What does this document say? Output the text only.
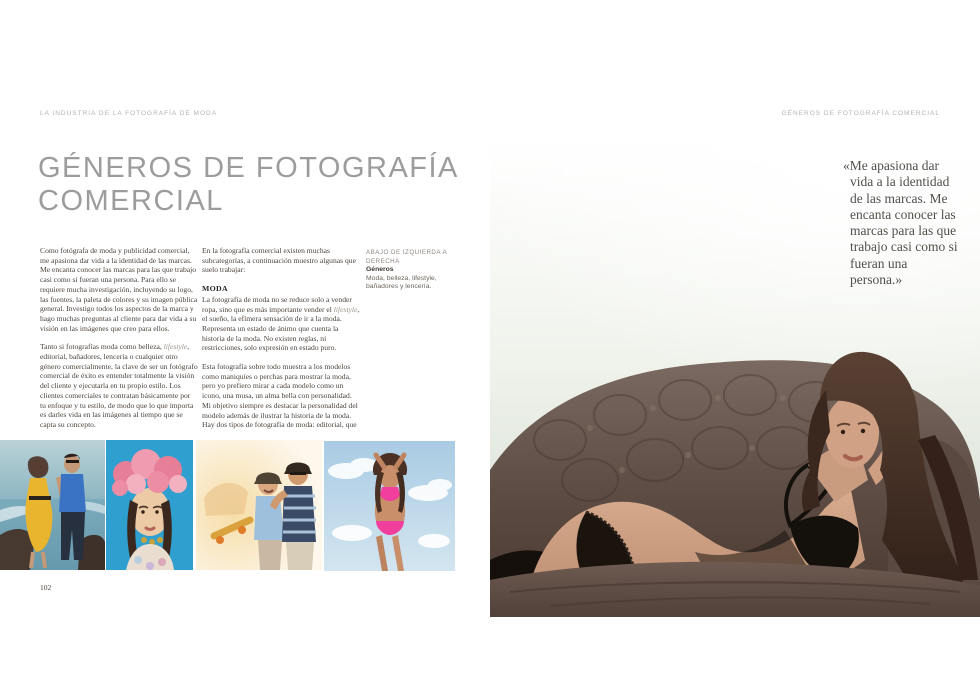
LA INDUSTRIA DE LA FOTOGRAFÍA DE MODA	GÉNEROS DE FOTOGRAFÍA COMERCIAL
GÉNEROS DE FOTOGRAFÍA COMERCIAL

Como fotógrafa de moda y publicidad comercial, me apasiona dar vida a la identidad de las marcas. Me encanta conocer las marcas para las que trabajo casi como si fueran una persona. Para ello se requiere mucha investigación, incluyendo su logo, las fuentes, la paleta de colores y su imagen pública general. Investigo todos los aspectos de la marca y hago muchas preguntas al cliente para dar vida a su visión en las imágenes que creo para ellos.

Tanto si fotografías moda como belleza, lifestyle, editorial, bañadores, lencería o cualquier otro género comercialmente, la clave de ser un fotógrafo comercial de éxito es entender totalmente la visión del cliente y ejecutarla en tu propio estilo. Los clientes comerciales te contratan básicamente por tu enfoque y tu estilo, de modo que lo que importa es darles vida en las imágenes al tiempo que se capta su concepto.

En la fotografía comercial existen muchas subcategorías, a continuación muestro algunas que suelo trabajar:

MODA

La fotografía de moda no se reduce solo a vender ropa, sino que es más importante vender el lifestyle, el sueño, la efímera sensación de ir a la moda. Representa un estado de ánimo que cuenta la historia de la moda. No existen reglas, ni restricciones, solo expresión en estado puro.

Esta fotografía sobre todo muestra a los modelos como maniquíes o perchas para mostrar la moda, pero yo prefiero mirar a cada modelo como un icono, una musa, un alma bella con personalidad. Mi objetivo siempre es destacar la personalidad del modelo además de ilustrar la historia de la moda. Hay dos tipos de fotografía de moda: editorial, que

ABAJO DE IZQUIERDA A DERECHA
Géneros
Moda, belleza, lifestyle, bañadores y lencería.

«Me apasiona dar vida a la identidad de las marcas. Me encanta conocer las marcas para las que trabajo casi como si fueran una persona.»
102
